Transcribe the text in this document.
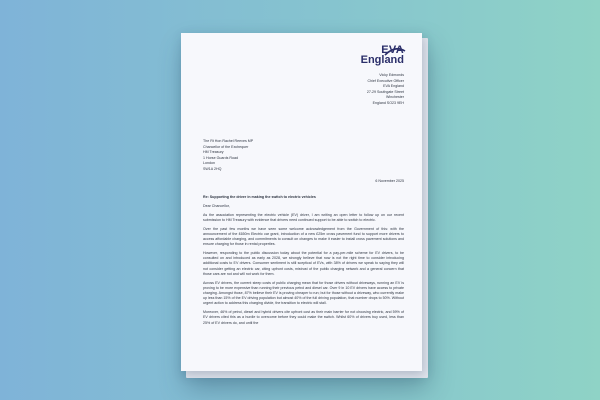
EVA
England
Vicky Edmonds
Chief Executive Officer
EVA England
27-29 Southgate Street
Winchester
England SO23 9EH
The Rt Hon Rachel Reeves MP
Chancellor of the Exchequer
HM Treasury
1 Horse Guards Road
London
SW1A 2HQ
6 November 2025

Re: Supporting the driver in making the switch to electric vehicles

Dear Chancellor,

As the association representing the electric vehicle (EV) driver, I am writing an open letter to follow up on our recent submission to HM Treasury with evidence that drivers need continued support to be able to switch to electric.

Over the past few months we have seen some welcome acknowledgement from the Government of this: with the announcement of the £650m Electric car grant, introduction of a new £25m cross pavement fund to support more drivers to access affordable charging, and commitments to consult on changes to make it easier to install cross pavement solutions and ensure charging for those in rental properties.

However, responding to the public discussion today about the potential for a pay-per-mile scheme for EV drivers, to be consulted on and introduced as early as 2028, we strongly believe that now is not the right time to consider introducing additional costs to EV drivers. Consumer sentiment is still sceptical of EVs, with 38% of drivers we speak to saying they will not consider getting an electric car, citing upfront costs, mistrust of the public charging network and a general concern that those cars are not and will not work for them.

Across EV drivers, the current steep costs of public charging mean that for those drivers without driveways, running an EV is proving to be more expensive than running their previous petrol and diesel car. Over 9 in 10 EV drivers have access to private charging. Amongst those, 87% believe their EV is proving cheaper to run; but for those without a driveway, who currently make up less than 15% of the EV driving population but almost 40% of the full driving population, that number drops to 50%. Without urgent action to address this charging divide, the transition to electric will stall.

Moreover, 46% of petrol, diesel and hybrid drivers cite upfront cost as their main barrier for not choosing electric, and 59% of EV drivers cited this as a hurdle to overcome before they could make the switch. Whilst 60% of drivers buy used, less than 25% of EV drivers do, and until the
